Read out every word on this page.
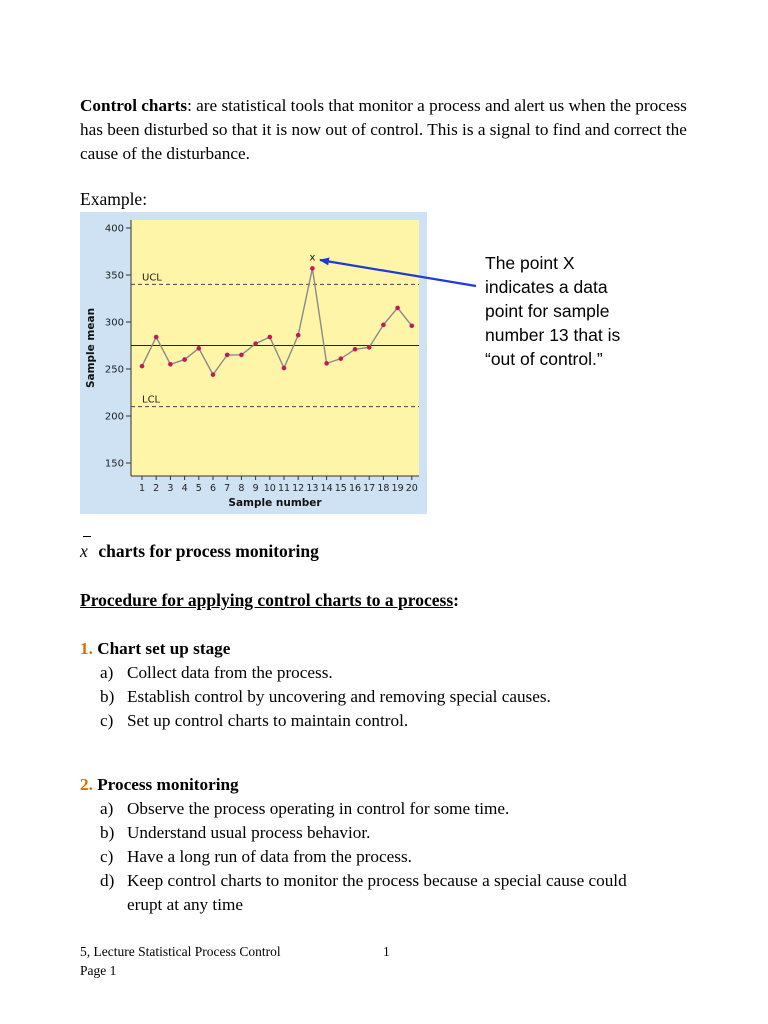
Control charts: are statistical tools that monitor a process and alert us when the process has been disturbed so that it is now out of control. This is a signal to find and correct the cause of the disturbance.
Example:
150
200
250
300
350
400
1 2 3 4 5 6 7 8 9 10 11 12 13 14 15 16 17 18 19 20
UCL
LCL
x
Sample number
Sample mean
The point X indicates a data point for sample number 13 that is “out of control.”
x charts for process monitoring
Procedure for applying control charts to a process:
1. Chart set up stage
a) Collect data from the process.
b) Establish control by uncovering and removing special causes.
c) Set up control charts to maintain control.
2. Process monitoring
a) Observe the process operating in control for some time.
b) Understand usual process behavior.
c) Have a long run of data from the process.
d) Keep control charts to monitor the process because a special cause could erupt at any time
5, Lecture Statistical Process Control	1
Page 1
